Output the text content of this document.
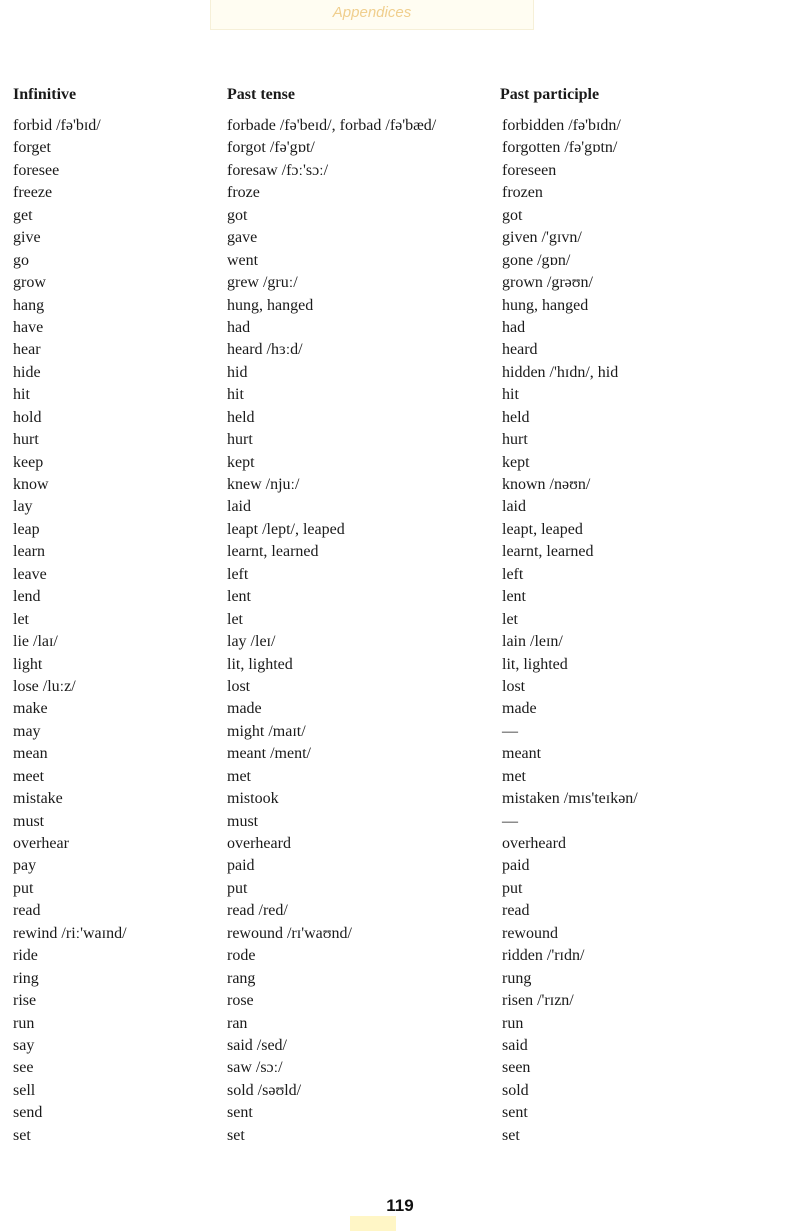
Appendices
Infinitive	Past tense	Past participle
forbid /fə'bɪd/	forbade /fə'beɪd/, forbad /fə'bæd/	forbidden /fə'bɪdn/
forget	forgot /fə'gɒt/	forgotten /fə'gɒtn/
foresee	foresaw /fɔː'sɔː/	foreseen
freeze	froze	frozen
get	got	got
give	gave	given /'gɪvn/
go	went	gone /gɒn/
grow	grew /gruː/	grown /grəʊn/
hang	hung, hanged	hung, hanged
have	had	had
hear	heard /hɜːd/	heard
hide	hid	hidden /'hɪdn/, hid
hit	hit	hit
hold	held	held
hurt	hurt	hurt
keep	kept	kept
know	knew /njuː/	known /nəʊn/
lay	laid	laid
leap	leapt /lept/, leaped	leapt, leaped
learn	learnt, learned	learnt, learned
leave	left	left
lend	lent	lent
let	let	let
lie /laɪ/	lay /leɪ/	lain /leɪn/
light	lit, lighted	lit, lighted
lose /luːz/	lost	lost
make	made	made
may	might /maɪt/	—
mean	meant /ment/	meant
meet	met	met
mistake	mistook	mistaken /mɪs'teɪkən/
must	must	—
overhear	overheard	overheard
pay	paid	paid
put	put	put
read	read /red/	read
rewind /riː'waɪnd/	rewound /rɪ'waʊnd/	rewound
ride	rode	ridden /'rɪdn/
ring	rang	rung
rise	rose	risen /'rɪzn/
run	ran	run
say	said /sed/	said
see	saw /sɔː/	seen
sell	sold /səʊld/	sold
send	sent	sent
set	set	set
119
